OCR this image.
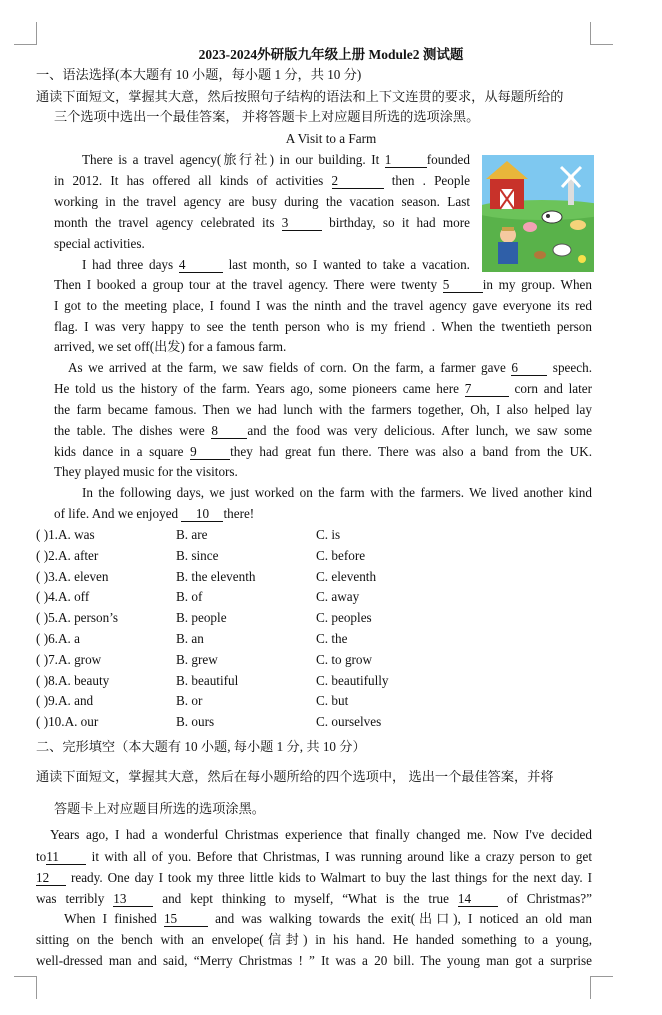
2023-2024外研版九年级上册 Module2 测试题
一、语法选择(本大题有 10 小题，每小题 1 分，共 10 分)
通读下面短文，掌握其大意，然后按照句子结构的语法和上下文连贯的要求，从每题所给的
三个选项中选出一个最佳答案， 并将答题卡上对应题目所选的选项涂黑。
A Visit to a Farm
There is a travel agency(旅行社) in our building. It 1	founded
in 2012. It has offered all kinds of activities 2	then . People
working in the travel agency are busy during the vacation season. Last
month the travel agency celebrated its 3	birthday, so it had more
special activities.
I had three days 4	last month, so I wanted to take a vacation.
Then I booked a group tour at the travel agency. There were twenty 5	in my group. When
I got to the meeting place, I found I was the ninth and the travel agency gave everyone its red
flag. I was very happy to see the tenth person who is my friend . When the twentieth person
arrived, we set off(出发) for a famous farm.
As we arrived at the farm, we saw fields of corn. On the farm, a farmer gave 6 speech.
He told us the history of the farm. Years ago, some pioneers came here 7	corn and later
the farm became famous. Then we had lunch with the farmers together, Oh, I also helped lay
the table. The dishes were 8 and the food was very delicious. After lunch, we saw some
kids dance in a square 9	they had great fun there. There was also a band from the UK.
They played music for the visitors.
In the following days, we just worked on the farm with the farmers. We lived another kind
of life. And we enjoyed 10 there!
二、完形填空（本大题有 10 小题, 每小题 1 分, 共 10 分）
通读下面短文，掌握其大意，然后在每小题所给的四个选项中， 选出一个最佳答案，并将
答题卡上对应题目所选的选项涂黑。
Years ago, I had a wonderful Christmas experience that finally changed me. Now I've decided
to11 it with all of you. Before that Christmas, I was running around like a crazy person to get
12 ready. One day I took my three little kids to Walmart to buy the last things for the next day. I
was terribly 13 and kept thinking to myself, “What is the true 14 of Christmas?”
When I finished 15 and was walking towards the exit(出口), I noticed an old man
sitting on the bench with an envelope(信封) in his hand. He handed something to a young,
well-dressed man and said, “Merry Christmas ! ” It was a 20 bill. The young man got a surprise
( )1.A. was	B. are	C. is
( )2.A. after	B. since	C. before
( )3.A. eleven	B. the eleventh	C. eleventh
( )4.A. off	B. of	C. away
( )5.A. person’s	B. people	C. peoples
( )6.A. a	B. an	C. the
( )7.A. grow	B. grew	C. to grow
( )8.A. beauty	B. beautiful	C. beautifully
( )9.A. and	B. or	C. but
( )10.A. our	B. ours	C. ourselves
